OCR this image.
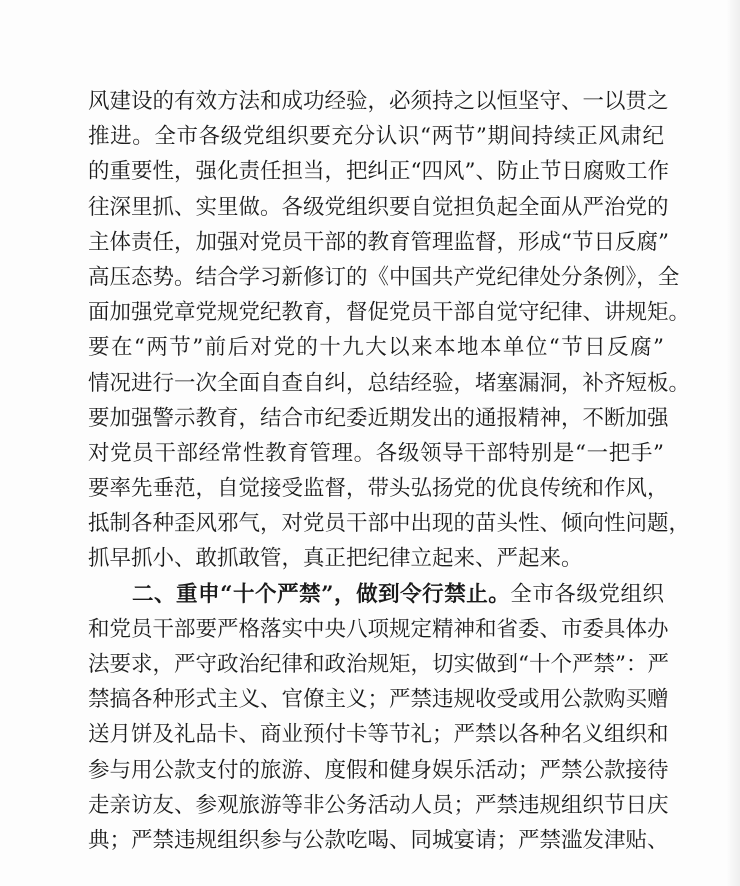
风建设的有效方法和成功经验，必须持之以恒坚守、一以贯之
推进。全市各级党组织要充分认识“两节”期间持续正风肃纪
的重要性，强化责任担当，把纠正“四风”、防止节日腐败工作
往深里抓、实里做。各级党组织要自觉担负起全面从严治党的
主体责任，加强对党员干部的教育管理监督，形成“节日反腐”
高压态势。结合学习新修订的《中国共产党纪律处分条例》，全
面加强党章党规党纪教育，督促党员干部自觉守纪律、讲规矩。
要在“两节”前后对党的十九大以来本地本单位“节日反腐”
情况进行一次全面自查自纠，总结经验，堵塞漏洞，补齐短板。
要加强警示教育，结合市纪委近期发出的通报精神，不断加强
对党员干部经常性教育管理。各级领导干部特别是“一把手”
要率先垂范，自觉接受监督，带头弘扬党的优良传统和作风，
抵制各种歪风邪气，对党员干部中出现的苗头性、倾向性问题，
抓早抓小、敢抓敢管，真正把纪律立起来、严起来。
二、重申“十个严禁”，做到令行禁止。全市各级党组织
和党员干部要严格落实中央八项规定精神和省委、市委具体办
法要求，严守政治纪律和政治规矩，切实做到“十个严禁”：严
禁搞各种形式主义、官僚主义；严禁违规收受或用公款购买赠
送月饼及礼品卡、商业预付卡等节礼；严禁以各种名义组织和
参与用公款支付的旅游、度假和健身娱乐活动；严禁公款接待
走亲访友、参观旅游等非公务活动人员；严禁违规组织节日庆
典；严禁违规组织参与公款吃喝、同城宴请；严禁滥发津贴、
